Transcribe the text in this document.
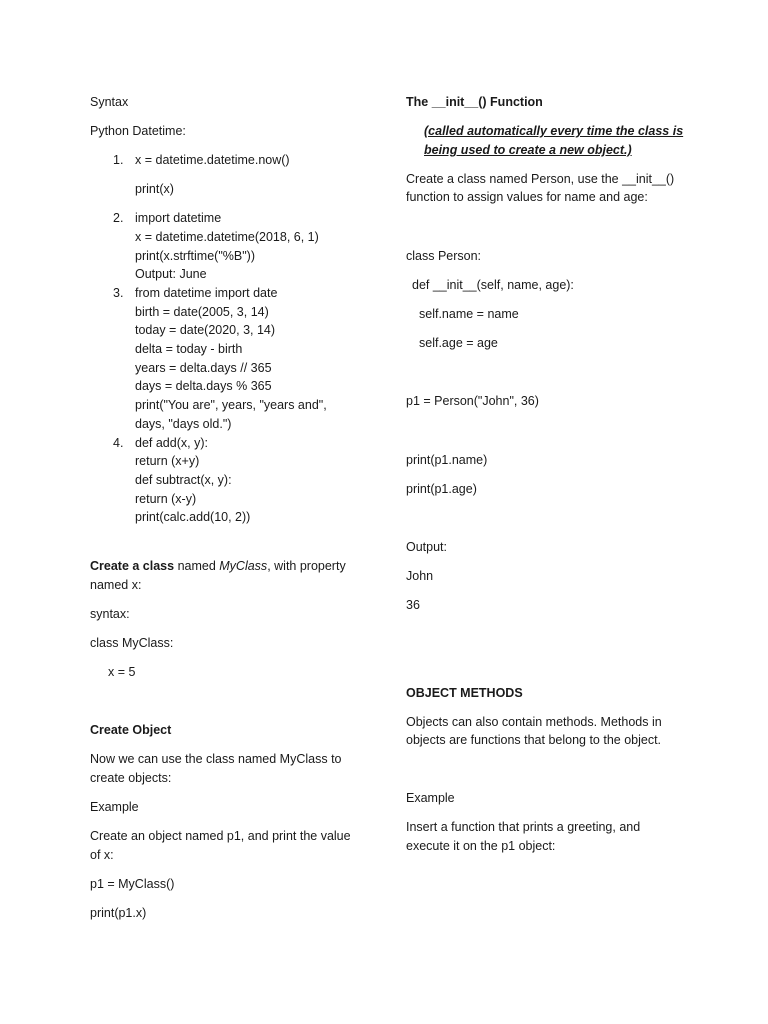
Syntax
Python Datetime:
1. x = datetime.datetime.now()
print(x)
2. import datetime
x = datetime.datetime(2018, 6, 1)
print(x.strftime("%B"))
Output: June
3. from datetime import date
birth = date(2005, 3, 14)
today = date(2020, 3, 14)
delta = today - birth
years = delta.days // 365
days = delta.days % 365
print("You are", years, "years and",
days, "days old.")
4. def add(x, y):
return (x+y)
def subtract(x, y):
return (x-y)
print(calc.add(10, 2))
Create a class named MyClass, with property
named x:
syntax:
class MyClass:
x = 5
Create Object
Now we can use the class named MyClass to
create objects:
Example
Create an object named p1, and print the value
of x:
p1 = MyClass()
print(p1.x)
The __init__() Function
(called automatically every time the class is
being used to create a new object.)
Create a class named Person, use the __init__()
function to assign values for name and age:
class Person:
def __init__(self, name, age):
self.name = name
self.age = age
p1 = Person("John", 36)
print(p1.name)
print(p1.age)
Output:
John
36
OBJECT METHODS
Objects can also contain methods. Methods in
objects are functions that belong to the object.
Example
Insert a function that prints a greeting, and
execute it on the p1 object:
